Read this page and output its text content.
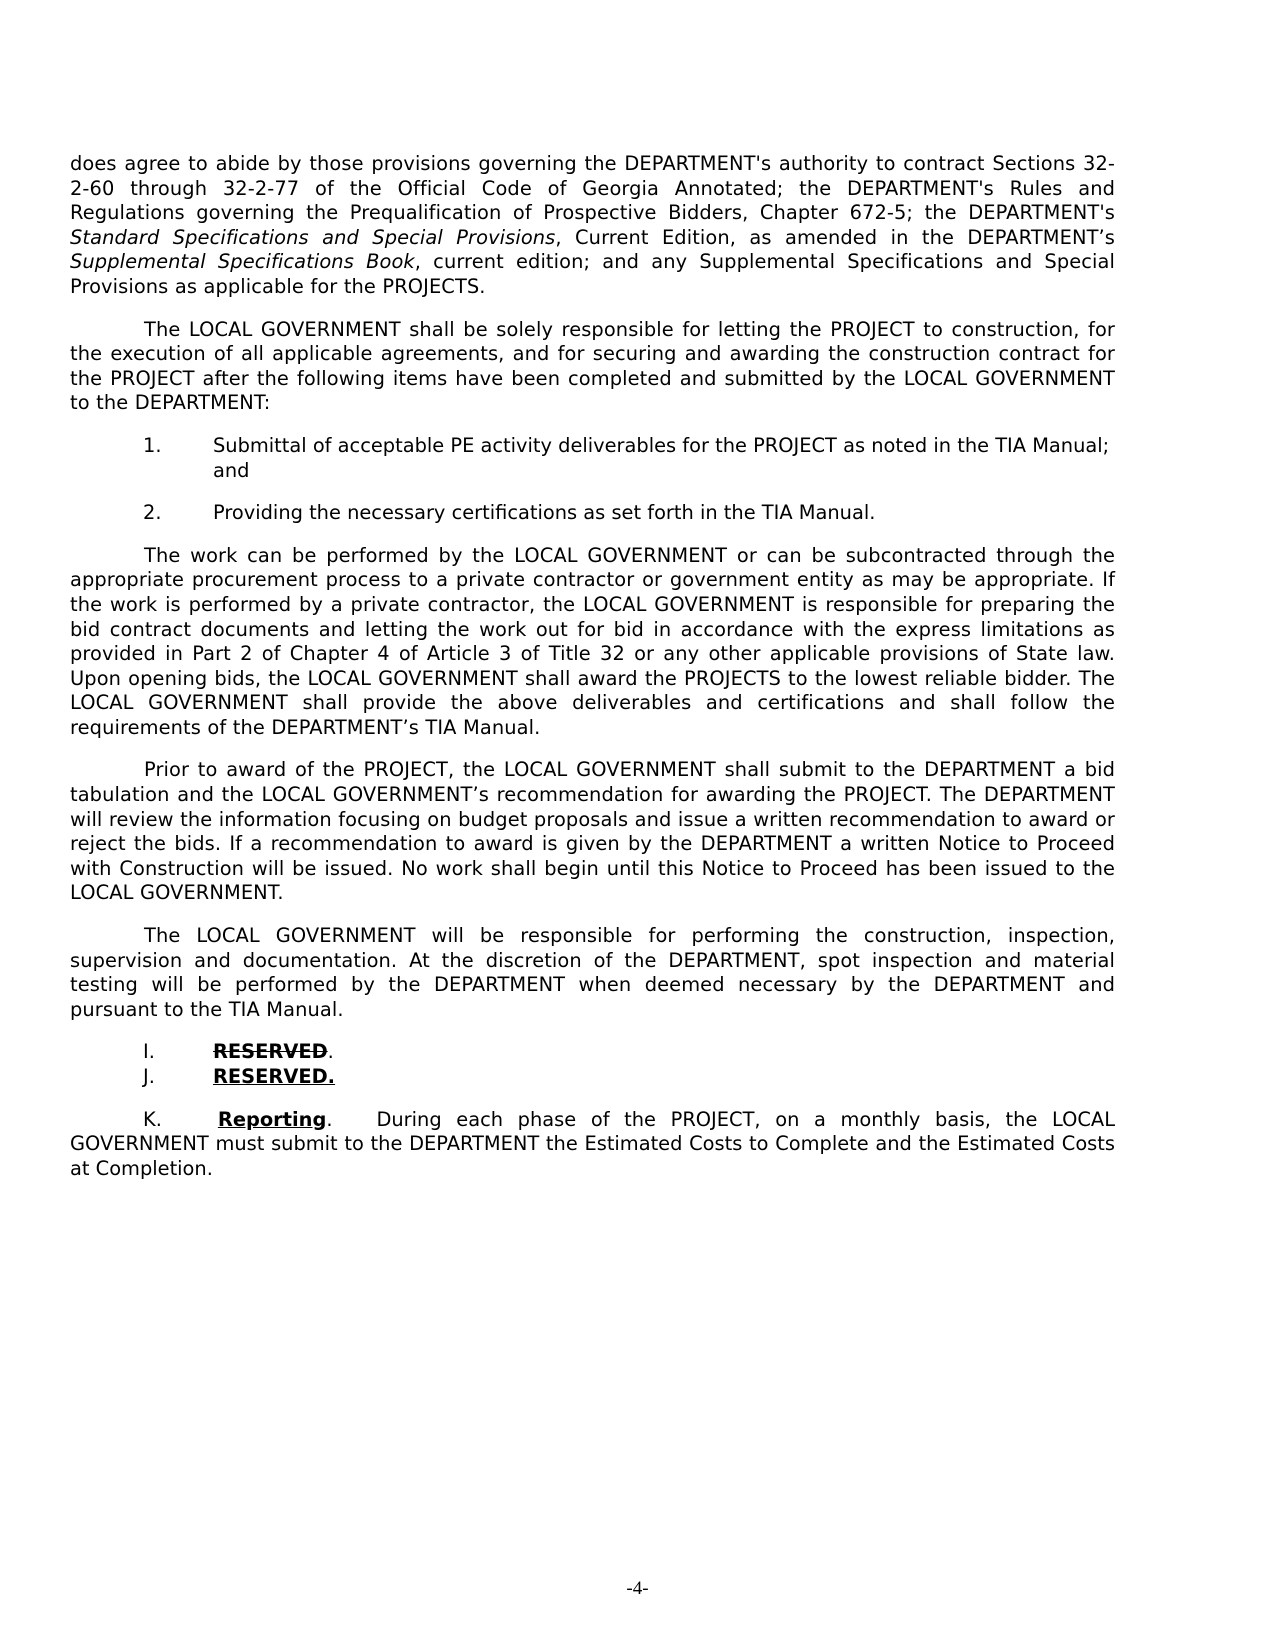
does agree to abide by those provisions governing the DEPARTMENT's authority to contract Sections 32-2-60 through 32-2-77 of the Official Code of Georgia Annotated; the DEPARTMENT's Rules and Regulations governing the Prequalification of Prospective Bidders, Chapter 672-5; the DEPARTMENT's Standard Specifications and Special Provisions, Current Edition, as amended in the DEPARTMENT’s Supplemental Specifications Book, current edition; and any Supplemental Specifications and Special Provisions as applicable for the PROJECTS.

The LOCAL GOVERNMENT shall be solely responsible for letting the PROJECT to construction, for the execution of all applicable agreements, and for securing and awarding the construction contract for the PROJECT after the following items have been completed and submitted by the LOCAL GOVERNMENT to the DEPARTMENT:

1.	Submittal of acceptable PE activity deliverables for the PROJECT as noted in the TIA Manual; and
2.	Providing the necessary certifications as set forth in the TIA Manual.

The work can be performed by the LOCAL GOVERNMENT or can be subcontracted through the appropriate procurement process to a private contractor or government entity as may be appropriate. If the work is performed by a private contractor, the LOCAL GOVERNMENT is responsible for preparing the bid contract documents and letting the work out for bid in accordance with the express limitations as provided in Part 2 of Chapter 4 of Article 3 of Title 32 or any other applicable provisions of State law. Upon opening bids, the LOCAL GOVERNMENT shall award the PROJECTS to the lowest reliable bidder. The LOCAL GOVERNMENT shall provide the above deliverables and certifications and shall follow the requirements of the DEPARTMENT’s TIA Manual.

Prior to award of the PROJECT, the LOCAL GOVERNMENT shall submit to the DEPARTMENT a bid tabulation and the LOCAL GOVERNMENT’s recommendation for awarding the PROJECT. The DEPARTMENT will review the information focusing on budget proposals and issue a written recommendation to award or reject the bids. If a recommendation to award is given by the DEPARTMENT a written Notice to Proceed with Construction will be issued. No work shall begin until this Notice to Proceed has been issued to the LOCAL GOVERNMENT.

The LOCAL GOVERNMENT will be responsible for performing the construction, inspection, supervision and documentation. At the discretion of the DEPARTMENT, spot inspection and material testing will be performed by the DEPARTMENT when deemed necessary by the DEPARTMENT and pursuant to the TIA Manual.

I.	RESERVED.
J.	RESERVED.

K.	Reporting. During each phase of the PROJECT, on a monthly basis, the LOCAL GOVERNMENT must submit to the DEPARTMENT the Estimated Costs to Complete and the Estimated Costs at Completion.

-4-
